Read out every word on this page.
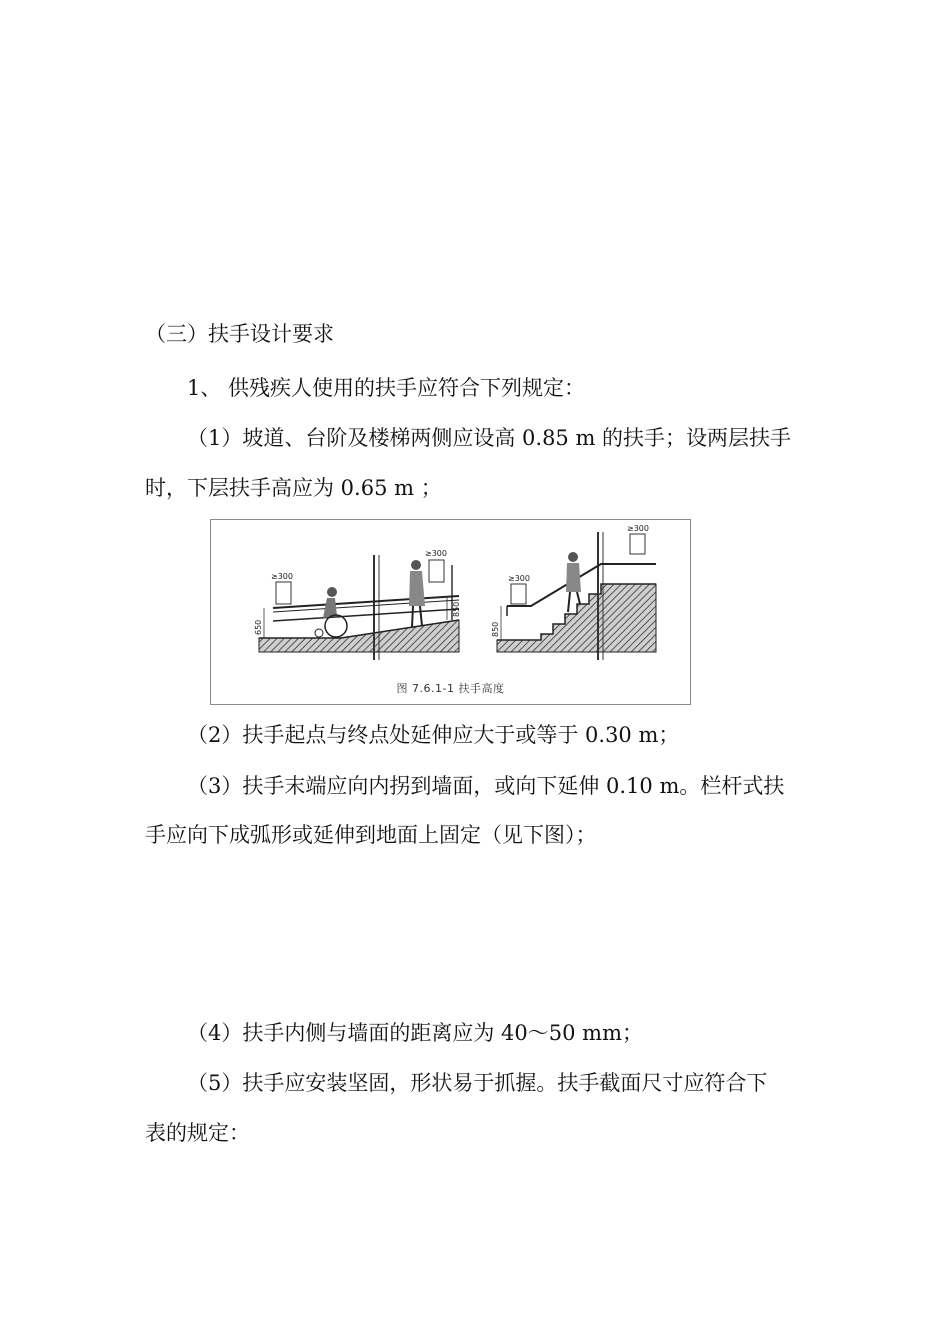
（三）扶手设计要求
1、 供残疾人使用的扶手应符合下列规定：
（1）坡道、台阶及楼梯两侧应设高 0.85 m 的扶手；设两层扶手
时，下层扶手高应为 0.65 m ；
≥300
≥300
650
850
≥300
≥300
850
图 7.6.1-1 扶手高度
（2）扶手起点与终点处延伸应大于或等于 0.30 m；
（3）扶手末端应向内拐到墙面，或向下延伸 0.10 m。栏杆式扶
手应向下成弧形或延伸到地面上固定（见下图）；
（4）扶手内侧与墙面的距离应为 40～50 mm；
（5）扶手应安装坚固，形状易于抓握。扶手截面尺寸应符合下
表的规定：
